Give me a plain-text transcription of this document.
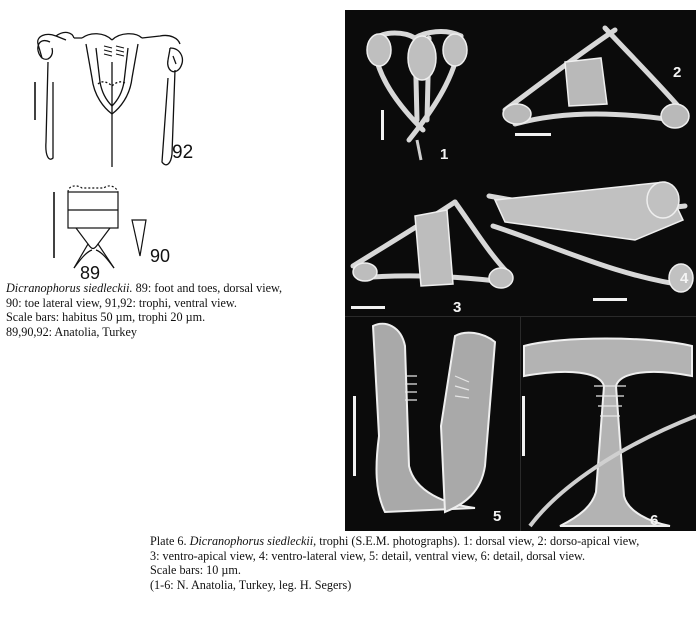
92
89
90
Dicranophorus siedleckii. 89: foot and toes, dorsal view,
90: toe lateral view, 91,92: trophi, ventral view.
Scale bars: habitus 50 µm, trophi 20 µm.
89,90,92: Anatolia, Turkey
1
2
3
4
5	6
Plate 6. Dicranophorus siedleckii, trophi (S.E.M. photographs). 1: dorsal view, 2: dorso-apical view,
3: ventro-apical view, 4: ventro-lateral view, 5: detail, ventral view, 6: detail, dorsal view.
Scale bars: 10 µm.
(1-6: N. Anatolia, Turkey, leg. H. Segers)
